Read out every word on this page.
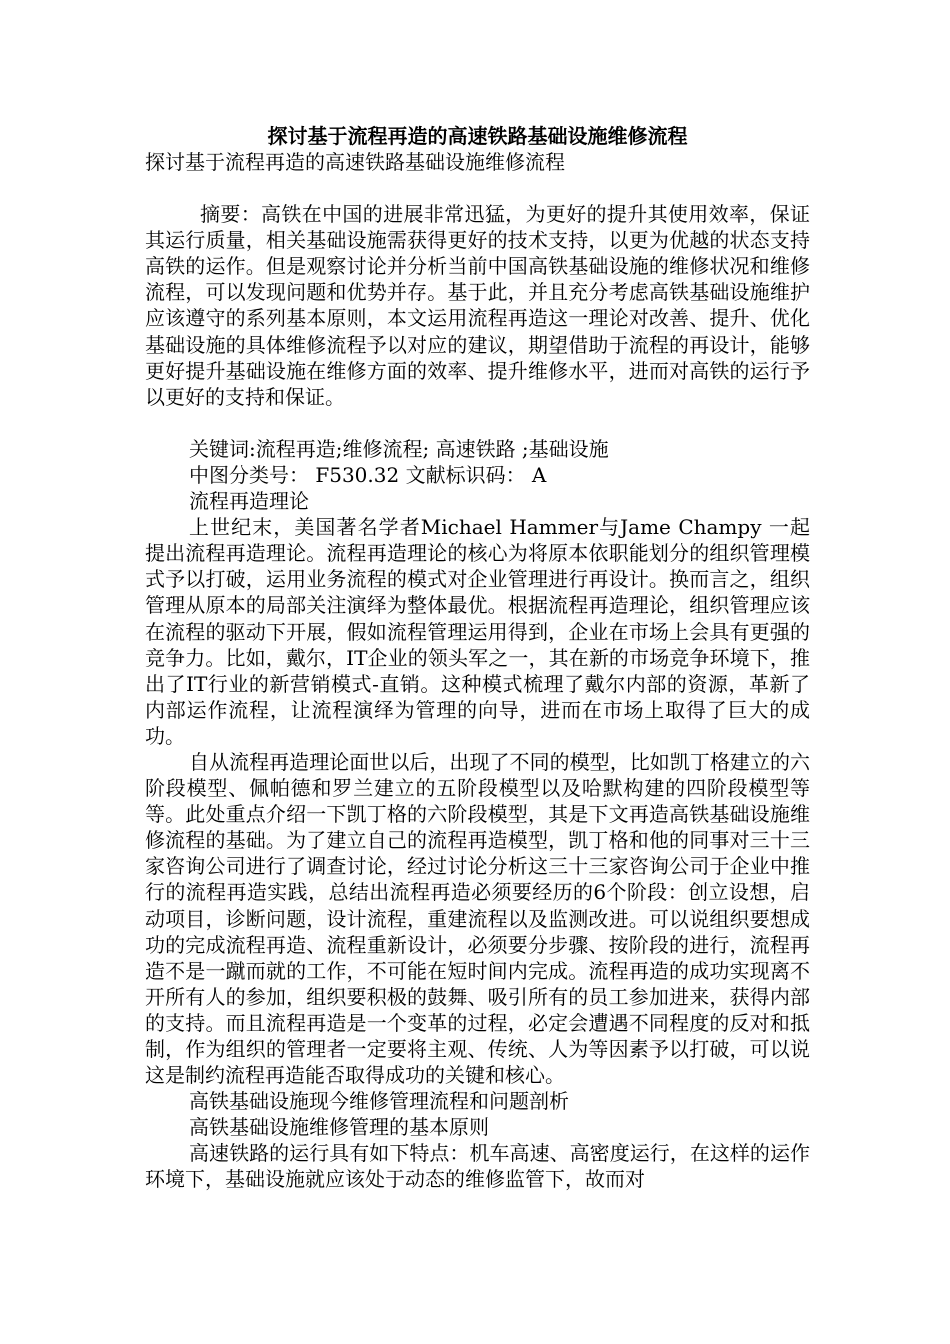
探讨基于流程再造的高速铁路基础设施维修流程

探讨基于流程再造的高速铁路基础设施维修流程

摘要：高铁在中国的进展非常迅猛，为更好的提升其使用效率，保证其运行质量，相关基础设施需获得更好的技术支持，以更为优越的状态支持高铁的运作。但是观察讨论并分析当前中国高铁基础设施的维修状况和维修流程，可以发现问题和优势并存。基于此，并且充分考虑高铁基础设施维护应该遵守的系列基本原则，本文运用流程再造这一理论对改善、提升、优化基础设施的具体维修流程予以对应的建议，期望借助于流程的再设计，能够更好提升基础设施在维修方面的效率、提升维修水平，进而对高铁的运行予以更好的支持和保证。

关键词:流程再造;维修流程; 高速铁路 ;基础设施

中图分类号： F530.32 文献标识码： A

流程再造理论

上世纪末，美国著名学者Michael Hammer与Jame Champy 一起提出流程再造理论。流程再造理论的核心为将原本依职能划分的组织管理模式予以打破，运用业务流程的模式对企业管理进行再设计。换而言之，组织管理从原本的局部关注演绎为整体最优。根据流程再造理论，组织管理应该在流程的驱动下开展，假如流程管理运用得到，企业在市场上会具有更强的竞争力。比如，戴尔，IT企业的领头军之一，其在新的市场竞争环境下，推出了IT行业的新营销模式-直销。这种模式梳理了戴尔内部的资源，革新了内部运作流程，让流程演绎为管理的向导，进而在市场上取得了巨大的成功。

自从流程再造理论面世以后，出现了不同的模型，比如凯丁格建立的六阶段模型、佩帕德和罗兰建立的五阶段模型以及哈默构建的四阶段模型等等。此处重点介绍一下凯丁格的六阶段模型，其是下文再造高铁基础设施维修流程的基础。为了建立自己的流程再造模型，凯丁格和他的同事对三十三家咨询公司进行了调查讨论，经过讨论分析这三十三家咨询公司于企业中推行的流程再造实践，总结出流程再造必须要经历的6个阶段：创立设想，启动项目，诊断问题，设计流程，重建流程以及监测改进。可以说组织要想成功的完成流程再造、流程重新设计，必须要分步骤、按阶段的进行，流程再造不是一蹴而就的工作，不可能在短时间内完成。流程再造的成功实现离不开所有人的参加，组织要积极的鼓舞、吸引所有的员工参加进来，获得内部的支持。而且流程再造是一个变革的过程，必定会遭遇不同程度的反对和抵制，作为组织的管理者一定要将主观、传统、人为等因素予以打破，可以说这是制约流程再造能否取得成功的关键和核心。

高铁基础设施现今维修管理流程和问题剖析

高铁基础设施维修管理的基本原则

高速铁路的运行具有如下特点：机车高速、高密度运行，在这样的运作环境下，基础设施就应该处于动态的维修监管下，故而对
